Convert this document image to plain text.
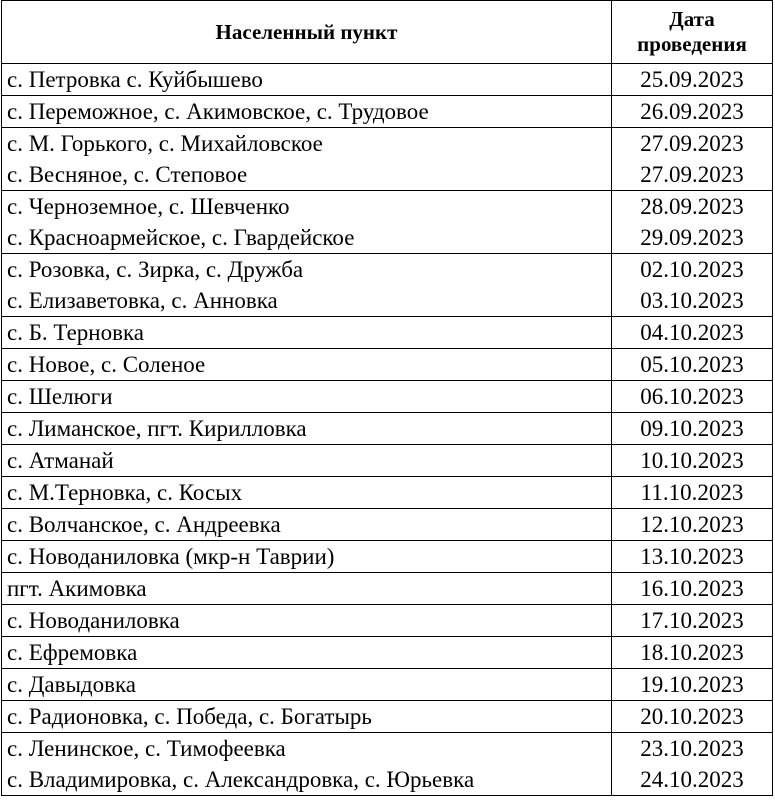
Населенный пункт	Дата
проведения

с. Петровка с. Куйбышево	25.09.2023
с. Переможное, с. Акимовское, с. Трудовое	26.09.2023
с. М. Горького, с. Михайловское	27.09.2023
с. Весняное, с. Степовое	27.09.2023
с. Черноземное, с. Шевченко	28.09.2023
с. Красноармейское, с. Гвардейское	29.09.2023
с. Розовка, с. Зирка, с. Дружба	02.10.2023
с. Елизаветовка, с. Анновка	03.10.2023
с. Б. Терновка	04.10.2023
с. Новое, с. Соленое	05.10.2023
с. Шелюги	06.10.2023
с. Лиманское, пгт. Кирилловка	09.10.2023
с. Атманай	10.10.2023
с. М.Терновка, с. Косых	11.10.2023
с. Волчанское, с. Андреевка	12.10.2023
с. Новоданиловка (мкр-н Таврии)	13.10.2023
пгт. Акимовка	16.10.2023
с. Новоданиловка	17.10.2023
с. Ефремовка	18.10.2023
с. Давыдовка	19.10.2023
с. Радионовка, с. Победа, с. Богатырь	20.10.2023
с. Ленинское, с. Тимофеевка	23.10.2023
с. Владимировка, с. Александровка, с. Юрьевка	24.10.2023
